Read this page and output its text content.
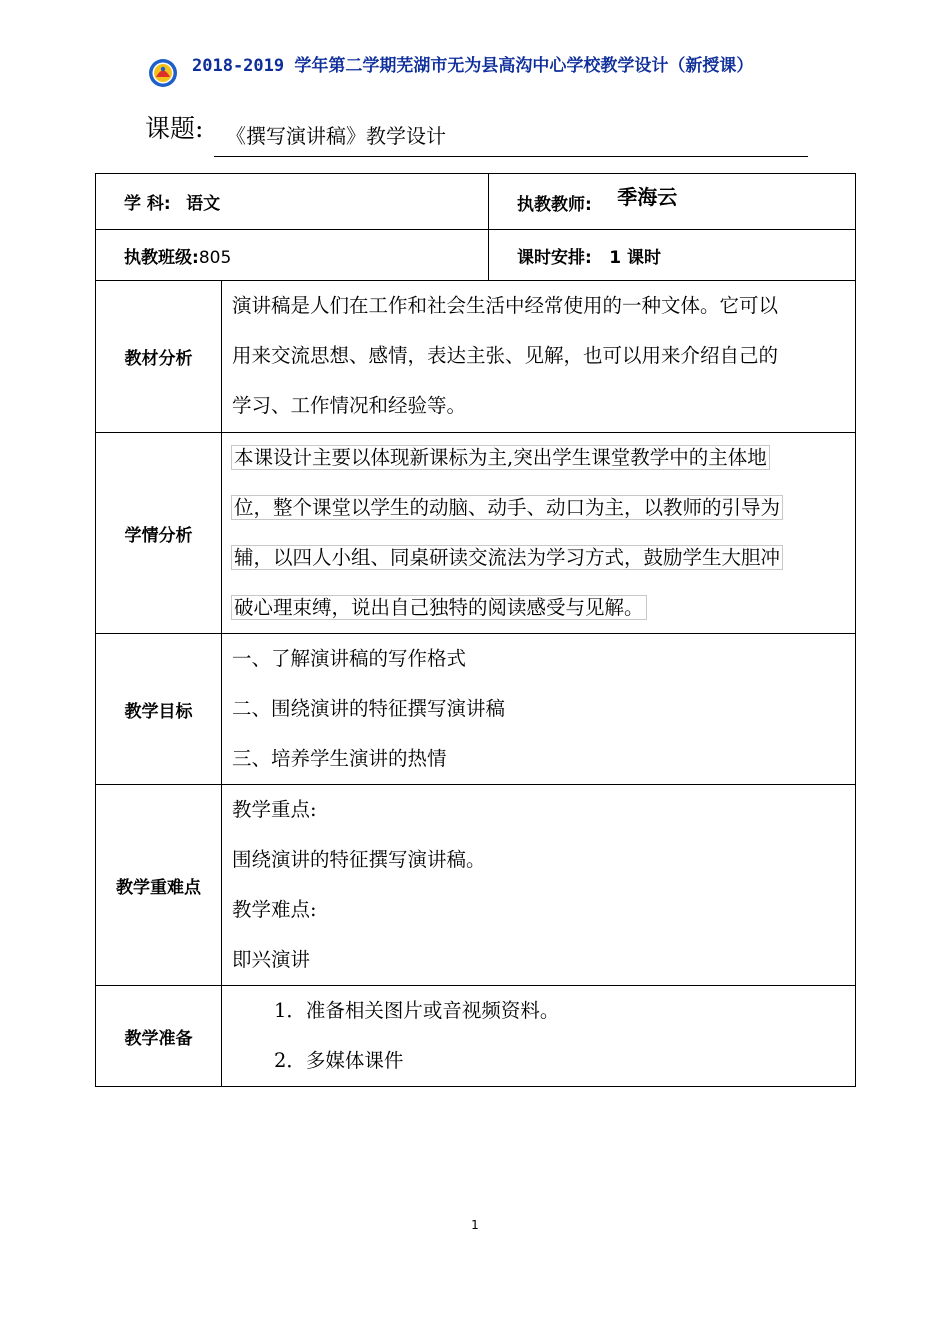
2018-2019 学年第二学期芜湖市无为县高沟中心学校教学设计（新授课）
课题: 《撰写演讲稿》教学设计
学 科: 语文		执教教师: 季海云
执教班级:805		课时安排: 1 课时
教材分析	演讲稿是人们在工作和社会生活中经常使用的一种文体。它可以

用来交流思想、感情，表达主张、见解，也可以用来介绍自己的

学习、工作情况和经验等。	

学情分析	本课设计主要以体现新课标为主,突出学生课堂教学中的主体地

位，整个课堂以学生的动脑、动手、动口为主，以教师的引导为

辅，以四人小组、同桌研读交流法为学习方式，鼓励学生大胆冲

破心理束缚，说出自己独特的阅读感受与见解。	

教学目标	一、了解演讲稿的写作格式

二、围绕演讲的特征撰写演讲稿

三、培养学生演讲的热情	

教学重难点	教学重点:

围绕演讲的特征撰写演讲稿。

教学难点:

即兴演讲	

教学准备	1．准备相关图片或音视频资料。

2．多媒体课件	

1
